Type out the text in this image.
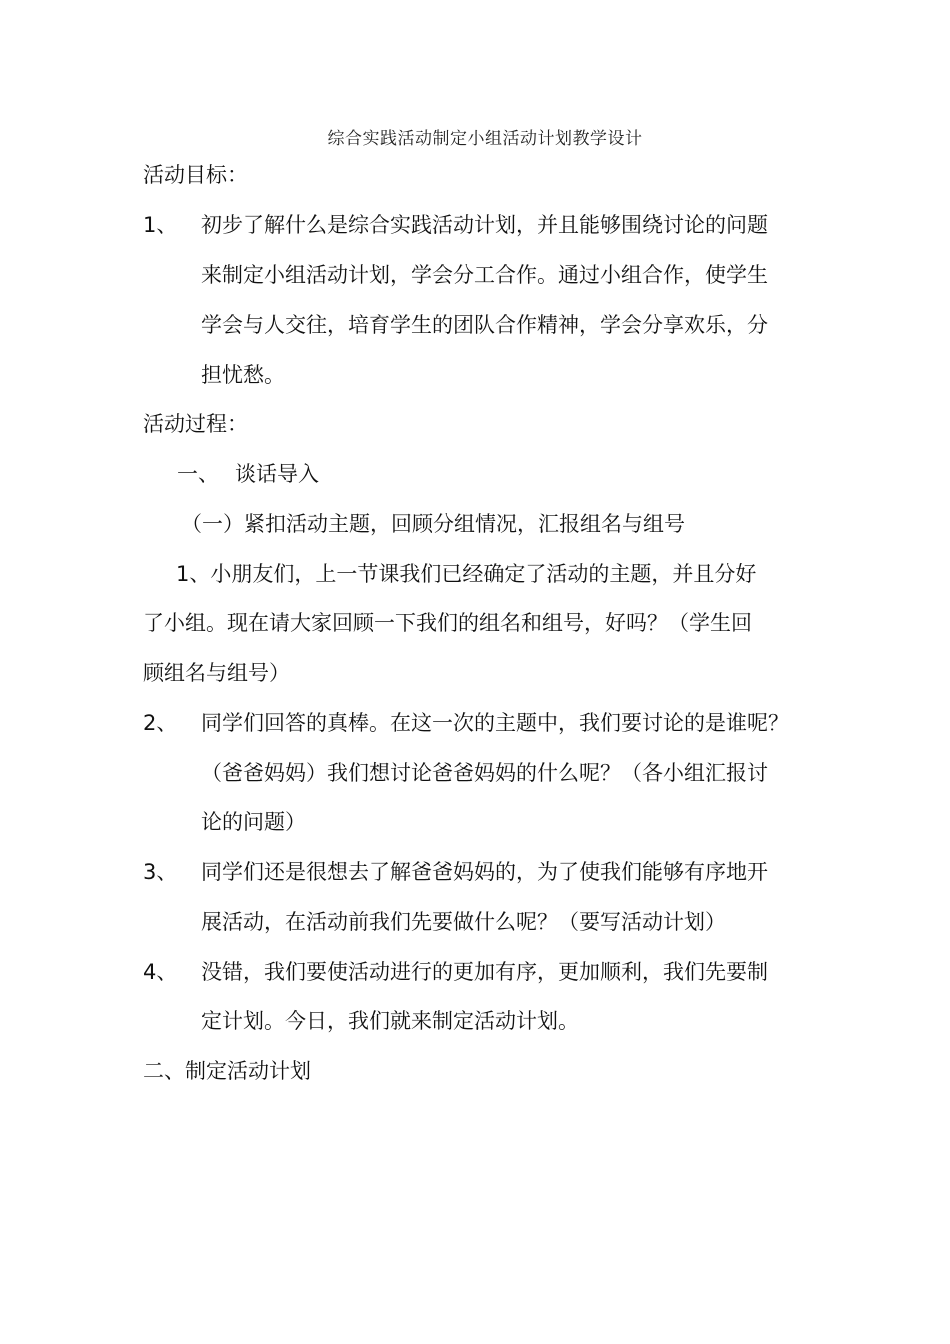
综合实践活动制定小组活动计划教学设计
活动目标：
1、 初步了解什么是综合实践活动计划，并且能够围绕讨论的问题
来制定小组活动计划，学会分工合作。通过小组合作，使学生
学会与人交往，培育学生的团队合作精神，学会分享欢乐，分
担忧愁。
活动过程：
一、 谈话导入
（一）紧扣活动主题，回顾分组情况，汇报组名与组号
1、小朋友们，上一节课我们已经确定了活动的主题，并且分好
了小组。现在请大家回顾一下我们的组名和组号，好吗？（学生回
顾组名与组号）
2、 同学们回答的真棒。在这一次的主题中，我们要讨论的是谁呢？
（爸爸妈妈）我们想讨论爸爸妈妈的什么呢？（各小组汇报讨
论的问题）
3、 同学们还是很想去了解爸爸妈妈的，为了使我们能够有序地开
展活动，在活动前我们先要做什么呢？（要写活动计划）
4、 没错，我们要使活动进行的更加有序，更加顺利，我们先要制
定计划。今日，我们就来制定活动计划。
二、制定活动计划
